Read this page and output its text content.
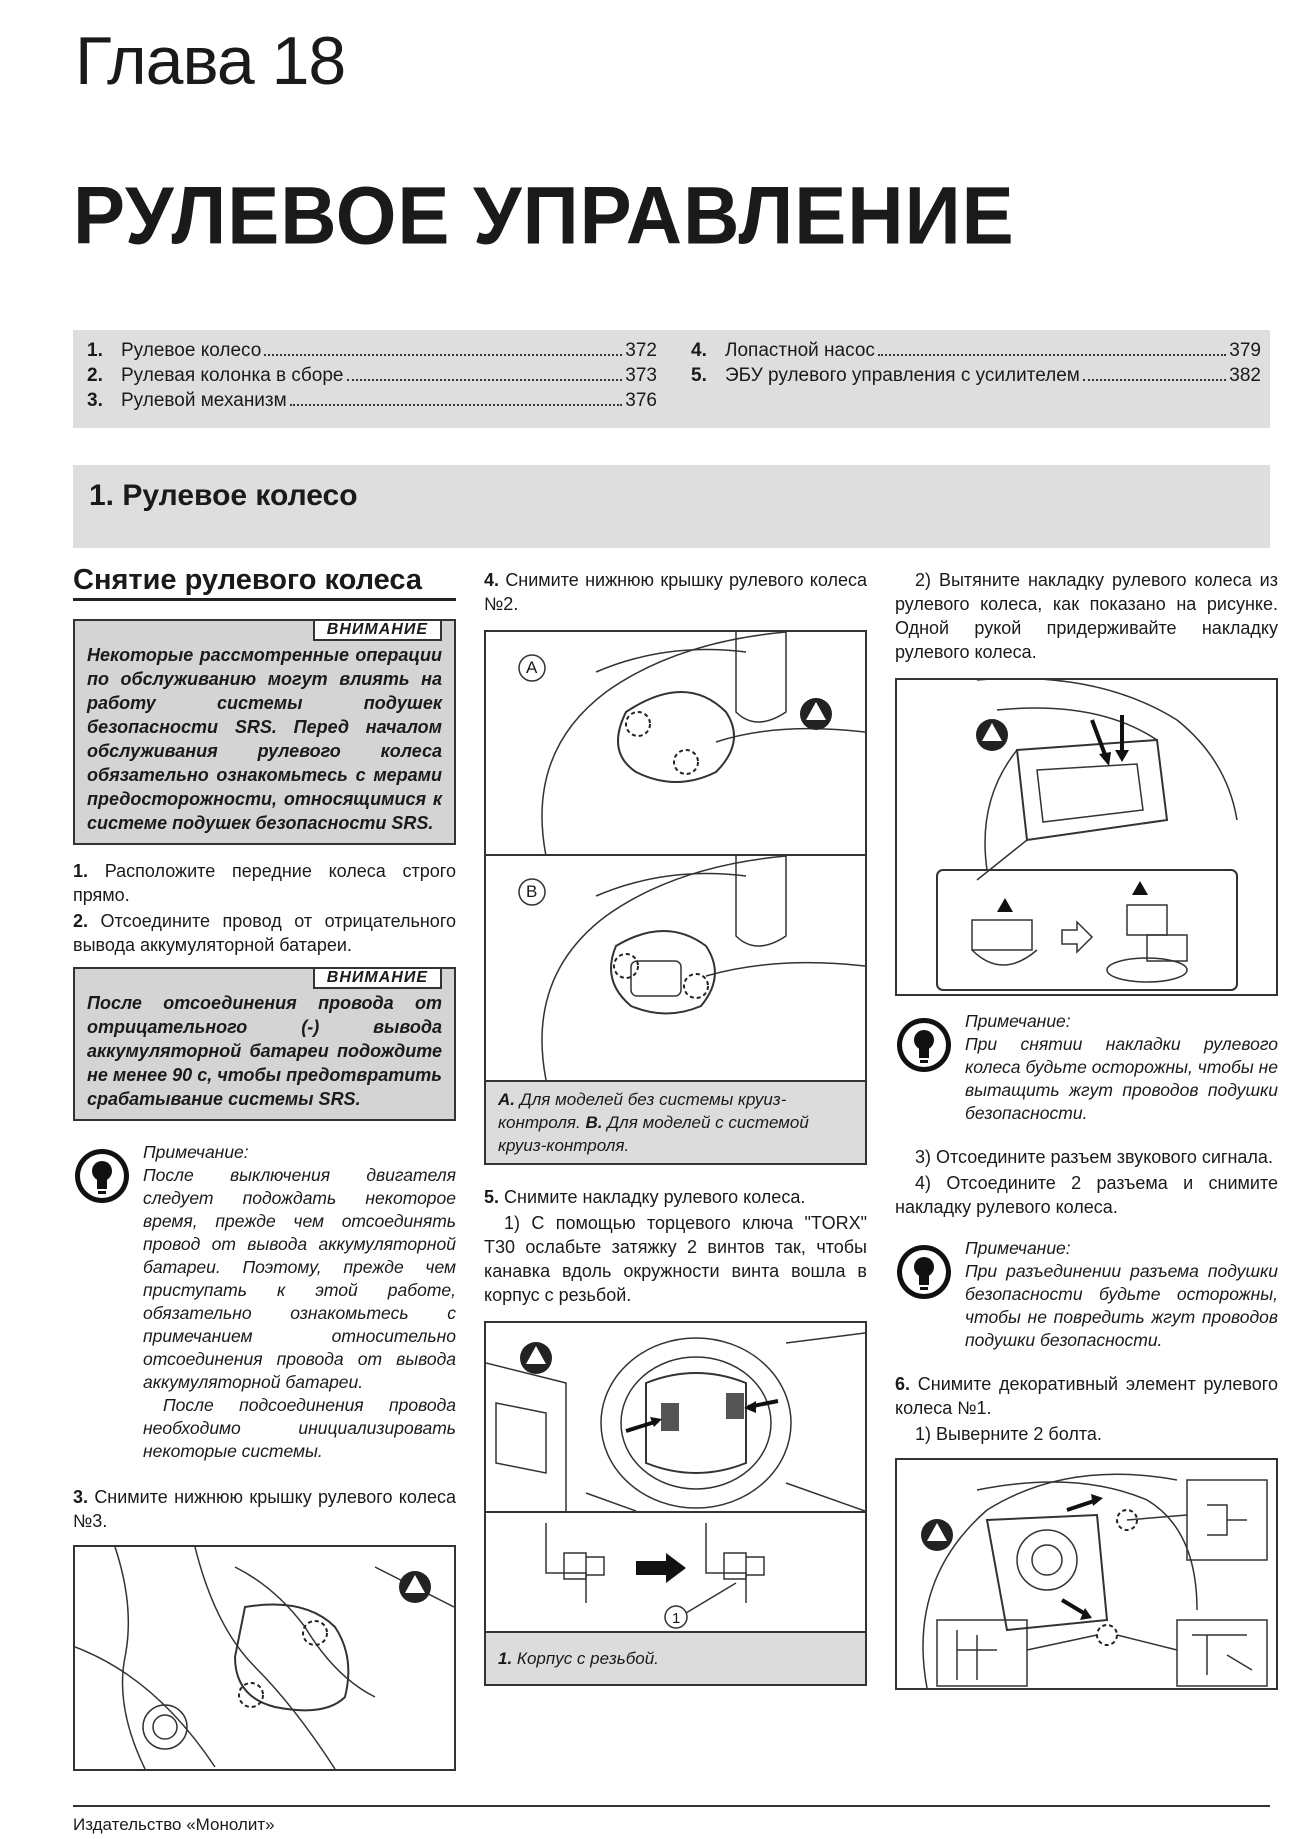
Глава 18
РУЛЕВОЕ УПРАВЛЕНИЕ
1. Рулевое колесо	372
2. Рулевая колонка в сборе	373
3. Рулевой механизм	376
4. Лопастной насос	379
5. ЭБУ рулевого управления с усилителем	382
1. Рулевое колесо
Снятие рулевого колеса
ВНИМАНИЕ
Некоторые рассмотренные операции по обслуживанию могут влиять на работу системы подушек безопасности SRS. Перед началом обслуживания рулевого колеса обязательно ознакомьтесь с мерами предосторожности, относящимися к системе подушек безопасности SRS.

1. Расположите передние колеса строго прямо.

2. Отсоедините провод от отрицательного вывода аккумуляторной батареи.

ВНИМАНИЕ
После отсоединения провода от отрицательного (-) вывода аккумуляторной батареи подождите не менее 90 с, чтобы предотвратить срабатывание системы SRS.
Примечание:
После выключения двигателя следует подождать некоторое время, прежде чем отсоединять провод от вывода аккумуляторной батареи. Поэтому, прежде чем приступать к этой работе, обязательно ознакомьтесь с примечанием относительно отсоединения провода от вывода аккумуляторной батареи.
После подсоединения провода необходимо инициализировать некоторые системы.

3. Снимите нижнюю крышку рулевого колеса №3.

4. Снимите нижнюю крышку рулевого колеса №2.

A
B
A. Для моделей без системы круиз-контроля. B. Для моделей с системой круиз-контроля.

5. Снимите накладку рулевого колеса.

1) С помощью торцевого ключа "TORX" T30 ослабьте затяжку 2 винтов так, чтобы канавка вдоль окружности винта вошла в корпус с резьбой.

1
1. Корпус с резьбой.

2) Вытяните накладку рулевого колеса из рулевого колеса, как показано на рисунке. Одной рукой придерживайте накладку рулевого колеса.

Примечание:
При снятии накладки рулевого колеса будьте осторожны, чтобы не вытащить жгут проводов подушки безопасности.

3) Отсоедините разъем звукового сигнала.

4) Отсоедините 2 разъема и снимите накладку рулевого колеса.

Примечание:
При разъединении разъема подушки безопасности будьте осторожны, чтобы не повредить жгут проводов подушки безопасности.

6. Снимите декоративный элемент рулевого колеса №1.

1) Выверните 2 болта.

Издательство «Монолит»
